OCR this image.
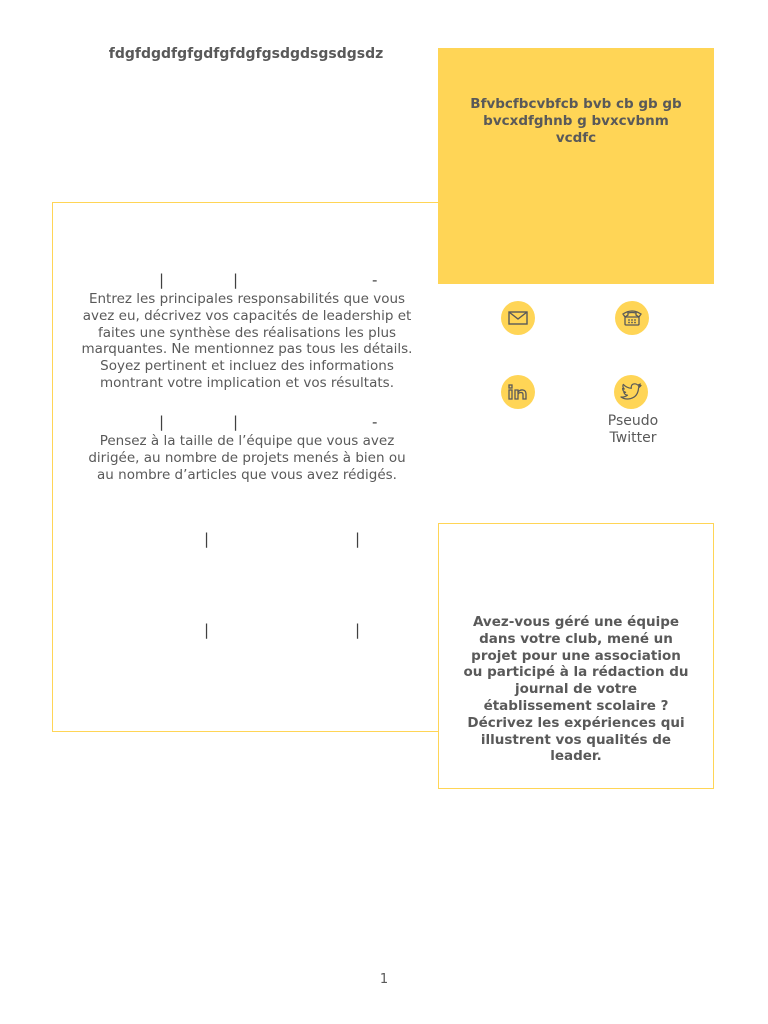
fdgfdgdfgfgdfgfdgfgsdgdsgsdgsdz
Bfvbcfbcvbfcb bvb cb gb gb bvcxdfghnb g bvxcvbnm vcdfc
|	|	-
Entrez les principales responsabilités que vous avez eu, décrivez vos capacités de leadership et faites une synthèse des réalisations les plus marquantes. Ne mentionnez pas tous les détails. Soyez pertinent et incluez des informations montrant votre implication et vos résultats.
|	|	-
Pensez à la taille de l’équipe que vous avez dirigée, au nombre de projets menés à bien ou au nombre d’articles que vous avez rédigés.
|	|
|	|
Pseudo Twitter
Avez-vous géré une équipe dans votre club, mené un projet pour une association ou participé à la rédaction du journal de votre établissement scolaire ? Décrivez les expériences qui illustrent vos qualités de leader.
1
